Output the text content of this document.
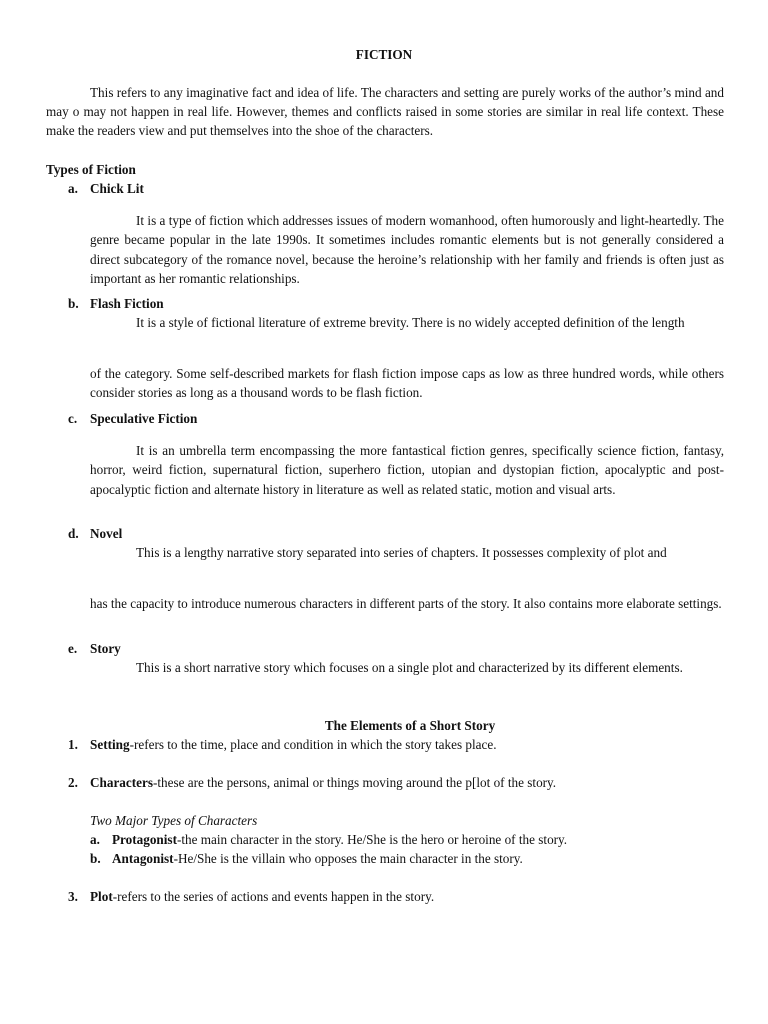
FICTION

This refers to any imaginative fact and idea of life. The characters and setting are purely works of the author’s mind and may o may not happen in real life. However, themes and conflicts raised in some stories are similar in real life context. These make the readers view and put themselves into the shoe of the characters.

Types of Fiction

a. Chick Lit

It is a type of fiction which addresses issues of modern womanhood, often humorously and light-heartedly. The genre became popular in the late 1990s. It sometimes includes romantic elements but is not generally considered a direct subcategory of the romance novel, because the heroine’s relationship with her family and friends is often just as important as her romantic relationships.

b. Flash Fiction

It is a style of fictional literature of extreme brevity. There is no widely accepted definition of the length

of the category. Some self-described markets for flash fiction impose caps as low as three hundred words, while others consider stories as long as a thousand words to be flash fiction.

c. Speculative Fiction

It is an umbrella term encompassing the more fantastical fiction genres, specifically science fiction, fantasy, horror, weird fiction, supernatural fiction, superhero fiction, utopian and dystopian fiction, apocalyptic and post-apocalyptic fiction and alternate history in literature as well as related static, motion and visual arts.

d. Novel

This is a lengthy narrative story separated into series of chapters. It possesses complexity of plot and

has the capacity to introduce numerous characters in different parts of the story. It also contains more elaborate settings.

e. Story

This is a short narrative story which focuses on a single plot and characterized by its different elements.

The Elements of a Short Story

1. Setting-refers to the time, place and condition in which the story takes place.
2. Characters-these are the persons, animal or things moving around the p[lot of the story.

Two Major Types of Characters

a. Protagonist-the main character in the story. He/She is the hero or heroine of the story.
b. Antagonist-He/She is the villain who opposes the main character in the story.
3. Plot-refers to the series of actions and events happen in the story.
